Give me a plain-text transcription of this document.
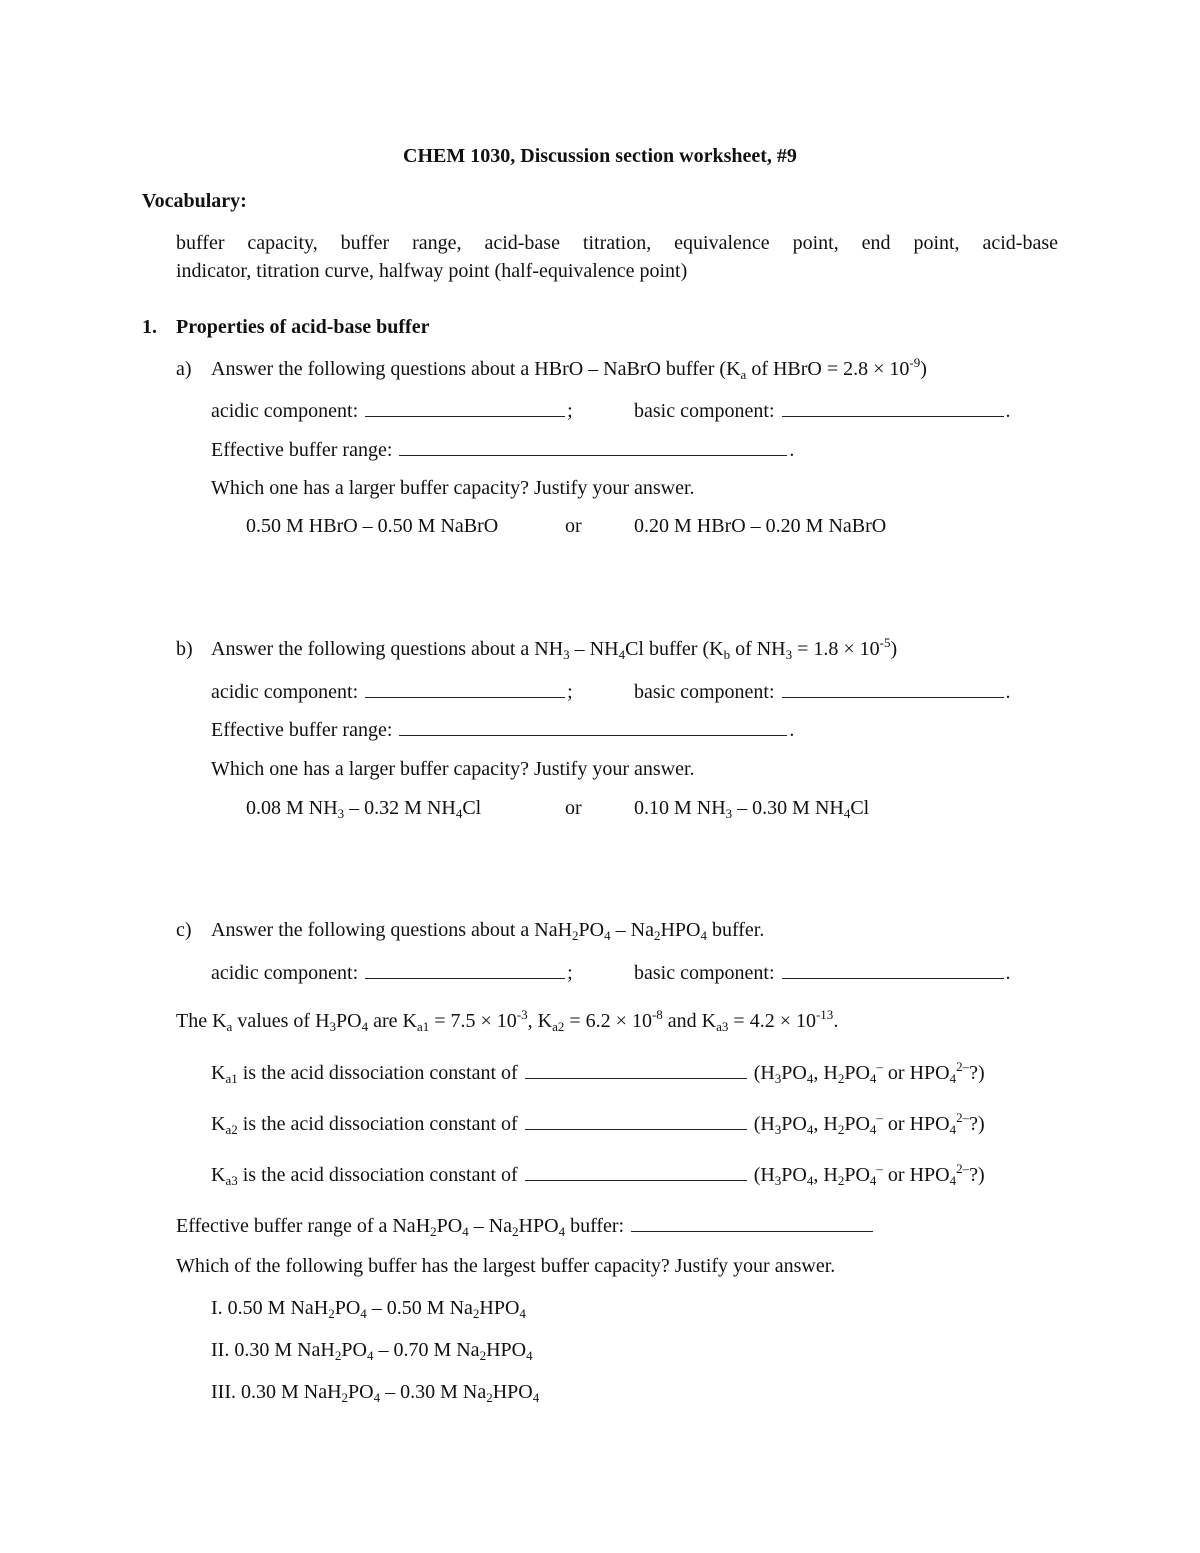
CHEM 1030, Discussion section worksheet, #9
Vocabulary:
buffer capacity, buffer range, acid-base titration, equivalence point, end point, acid-base
indicator, titration curve, halfway point (half-equivalence point)
1. Properties of acid-base buffer
a) Answer the following questions about a HBrO – NaBrO buffer ($K_a$ of HBrO = $2.8 \times 10^{-9}$)
acidic component:	;	basic component:	.
Effective buffer range:	.
Which one has a larger buffer capacity? Justify your answer.
0.50 M HBrO – 0.50 M NaBrO	or	0.20 M HBrO – 0.20 M NaBrO
b) Answer the following questions about a $NH_3 - NH_4Cl$ buffer ($K_b$ of $NH_3 = 1.8 \times 10^{-5}$)
acidic component:	;	basic component:	.
Effective buffer range:	.
Which one has a larger buffer capacity? Justify your answer.
0.08 M $NH_3 - 0.32$ M $NH_4Cl$	or	0.10 M $NH_3 - 0.30$ M $NH_4Cl$
c) Answer the following questions about a $NaH_2PO_4 - Na_2HPO_4$ buffer.
acidic component:	;	basic component:	.
The $K_a$ values of $H_3PO_4$ are $K_{a1} = 7.5 \times 10^{-3}$, $K_{a2} = 6.2 \times 10^{-8}$ and $K_{a3} = 4.2 \times 10^{-13}$.
$K_{a1}$ is the acid dissociation constant of	($H_3PO_4$, $H_2PO_4^-$ or $HPO_4^{2-}$?)
$K_{a2}$ is the acid dissociation constant of	($H_3PO_4$, $H_2PO_4^-$ or $HPO_4^{2-}$?)
$K_{a3}$ is the acid dissociation constant of	($H_3PO_4$, $H_2PO_4^-$ or $HPO_4^{2-}$?)
Effective buffer range of a $NaH_2PO_4 - Na_2HPO_4$ buffer:
Which of the following buffer has the largest buffer capacity? Justify your answer.
I. 0.50 M $NaH_2PO_4 - 0.50$ M $Na_2HPO_4$
II. 0.30 M $NaH_2PO_4 - 0.70$ M $Na_2HPO_4$
III. 0.30 M $NaH_2PO_4 - 0.30$ M $Na_2HPO_4$
